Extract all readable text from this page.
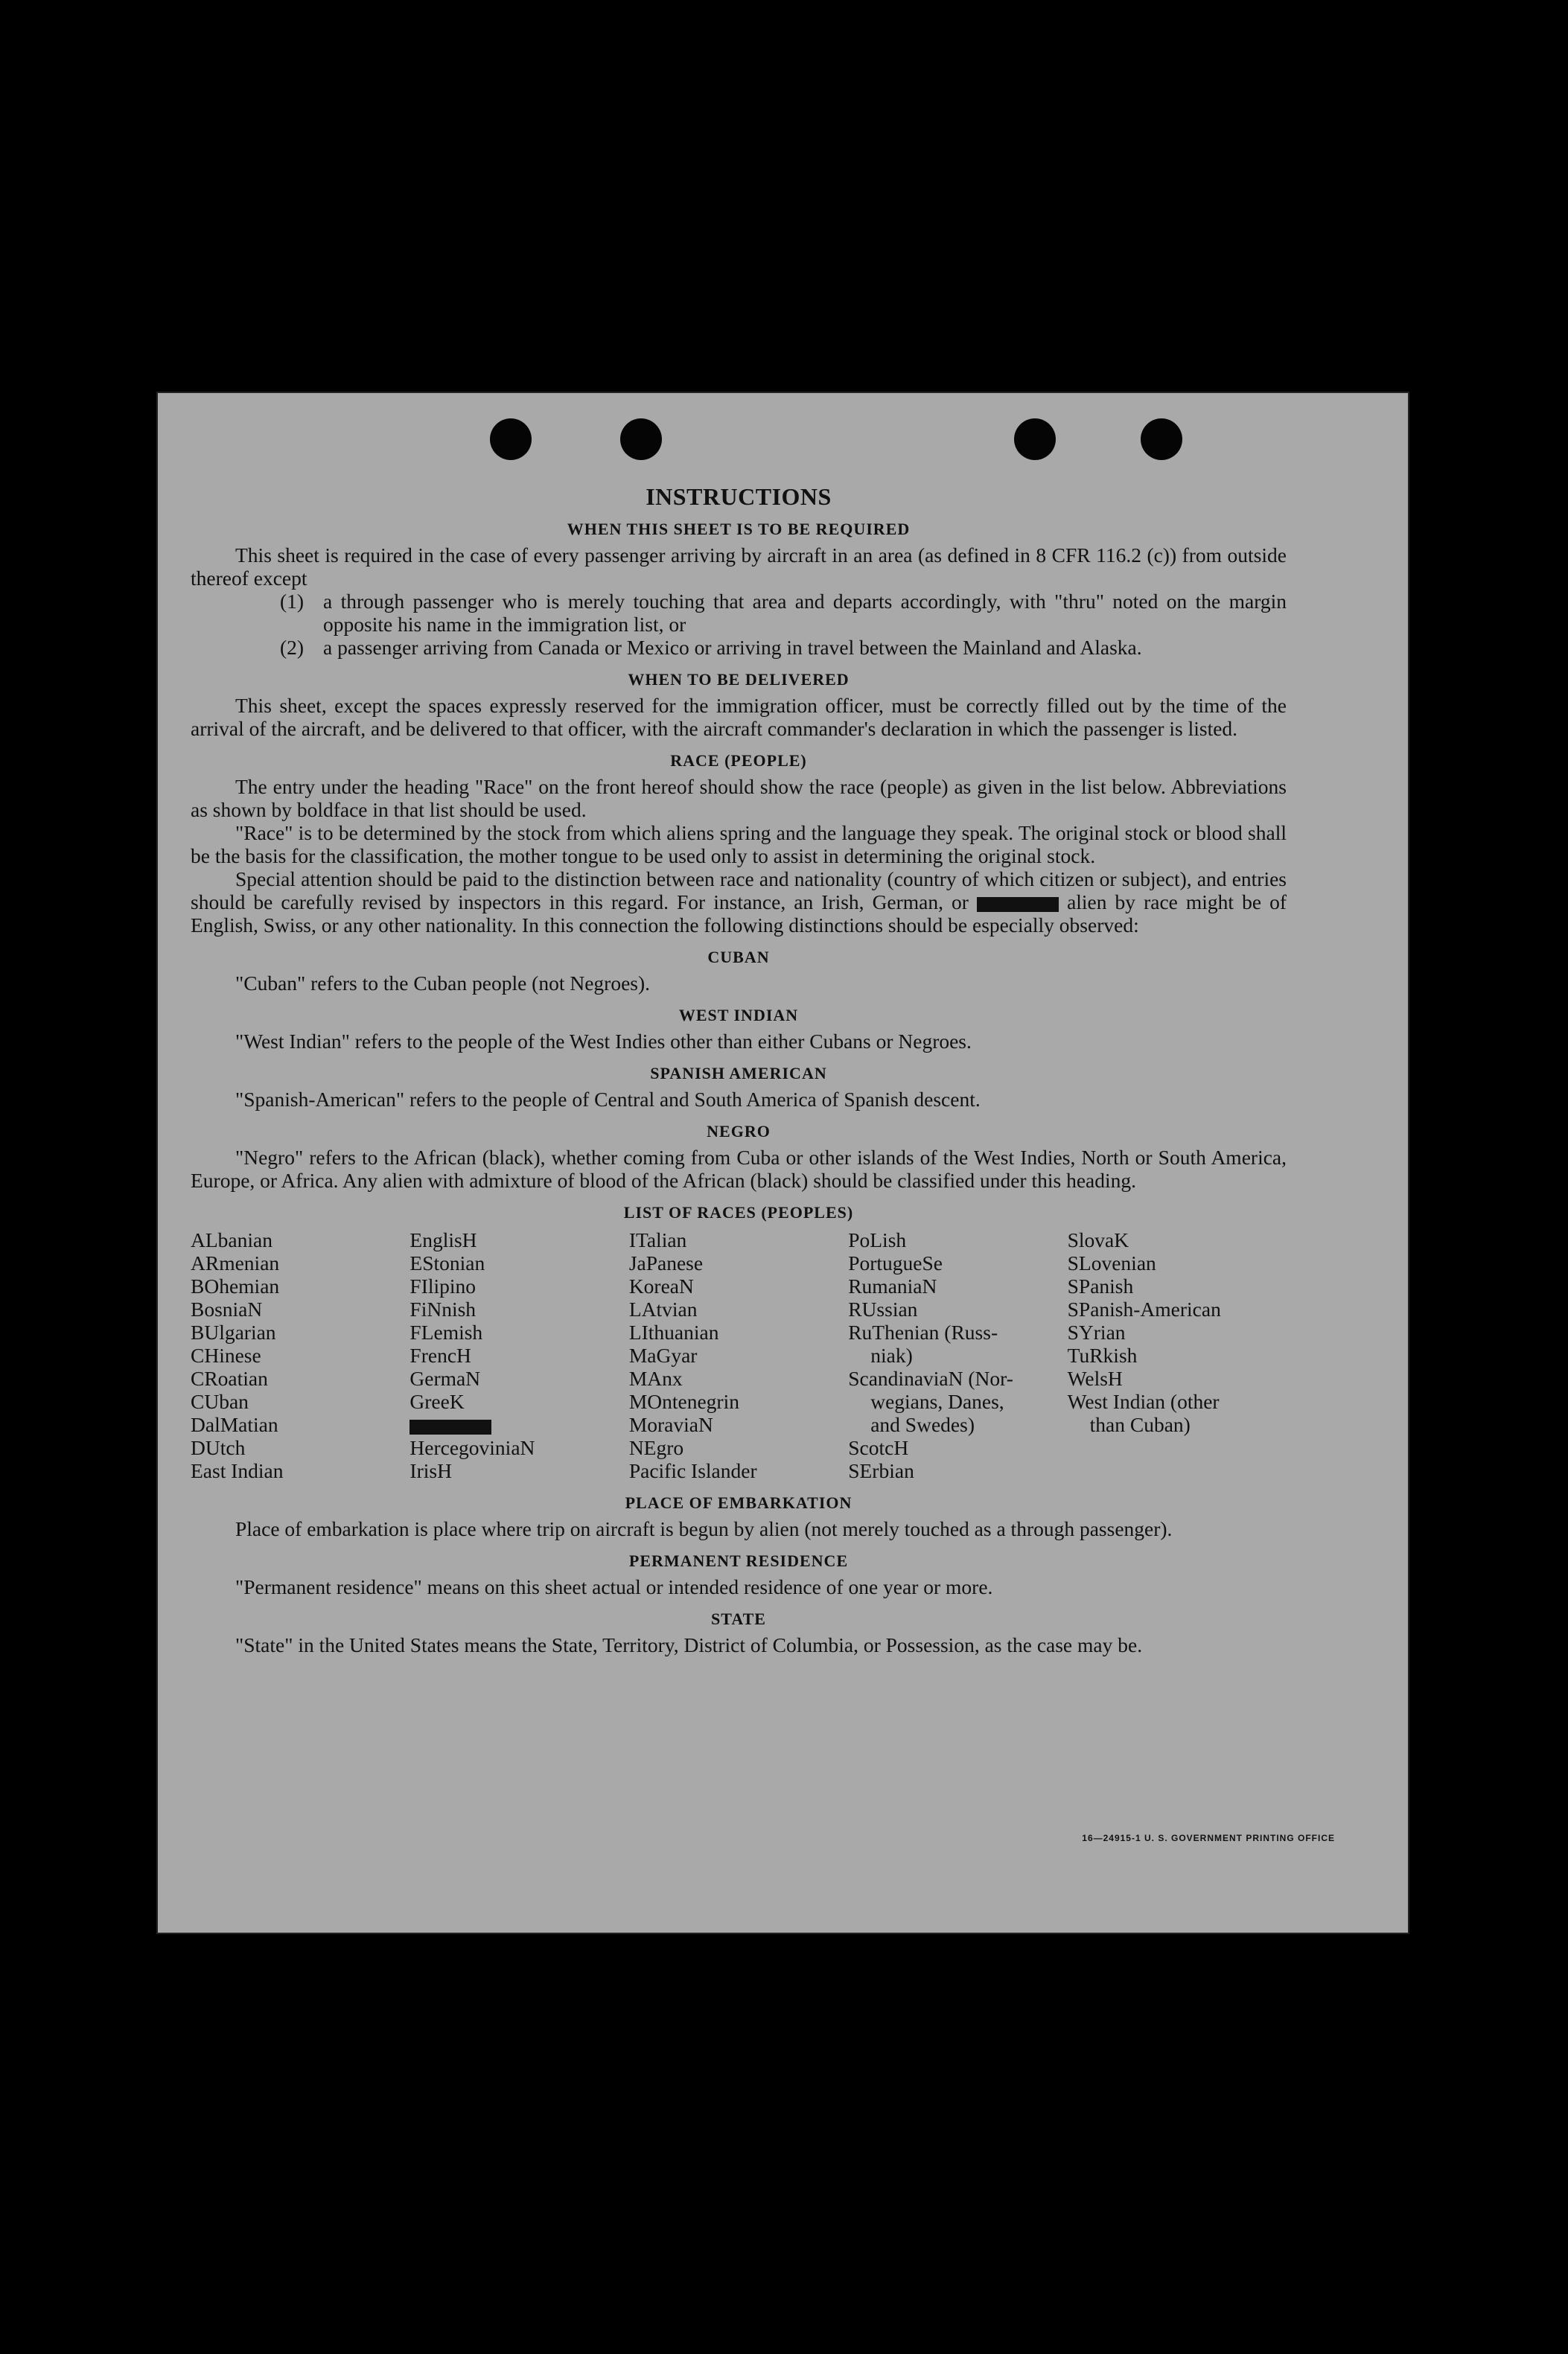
INSTRUCTIONS
WHEN THIS SHEET IS TO BE REQUIRED

This sheet is required in the case of every passenger arriving by aircraft in an area (as defined in 8 CFR 116.2 (c)) from outside thereof except

(1) a through passenger who is merely touching that area and departs accordingly, with "thru" noted on the margin opposite his name in the immigration list, or
(2) a passenger arriving from Canada or Mexico or arriving in travel between the Mainland and Alaska.
WHEN TO BE DELIVERED

This sheet, except the spaces expressly reserved for the immigration officer, must be correctly filled out by the time of the arrival of the aircraft, and be delivered to that officer, with the aircraft commander's declaration in which the passenger is listed.

RACE (PEOPLE)

The entry under the heading "Race" on the front hereof should show the race (people) as given in the list below. Abbreviations as shown by boldface in that list should be used.

"Race" is to be determined by the stock from which aliens spring and the language they speak. The original stock or blood shall be the basis for the classification, the mother tongue to be used only to assist in determining the original stock.

Special attention should be paid to the distinction between race and nationality (country of which citizen or subject), and entries should be carefully revised by inspectors in this regard. For instance, an Irish, German, or	alien by race might be of English, Swiss, or any other nationality. In this connection the following distinctions should be especially observed:

CUBAN

"Cuban" refers to the Cuban people (not Negroes).

WEST INDIAN

"West Indian" refers to the people of the West Indies other than either Cubans or Negroes.

SPANISH AMERICAN

"Spanish-American" refers to the people of Central and South America of Spanish descent.

NEGRO

"Negro" refers to the African (black), whether coming from Cuba or other islands of the West Indies, North or South America, Europe, or Africa. Any alien with admixture of blood of the African (black) should be classified under this heading.

LIST OF RACES (PEOPLES)
ALbanian
ARmenian
BOhemian
BosniaN
BUlgarian
CHinese
CRoatian
CUban
DalMatian
DUtch
East Indian
EnglisH
EStonian
FIlipino
FiNnish
FLemish
FrencH
GermaN
GreeK
HercegoviniaN
IrisH
ITalian
JaPanese
KoreaN
LAtvian
LIthuanian
MaGyar
MAnx
MOntenegrin
MoraviaN
NEgro
Pacific Islander
PoLish
PortugueSe
RumaniaN
RUssian
RuThenian (Russ-
niak)
ScandinaviaN (Nor-
wegians, Danes,
and Swedes)
ScotcH
SErbian
SlovaK
SLovenian
SPanish
SPanish-American
SYrian
TuRkish
WelsH
West Indian (other
than Cuban)
PLACE OF EMBARKATION

Place of embarkation is place where trip on aircraft is begun by alien (not merely touched as a through passenger).

PERMANENT RESIDENCE

"Permanent residence" means on this sheet actual or intended residence of one year or more.

STATE

"State" in the United States means the State, Territory, District of Columbia, or Possession, as the case may be.

16—24915-1 U. S. GOVERNMENT PRINTING OFFICE
